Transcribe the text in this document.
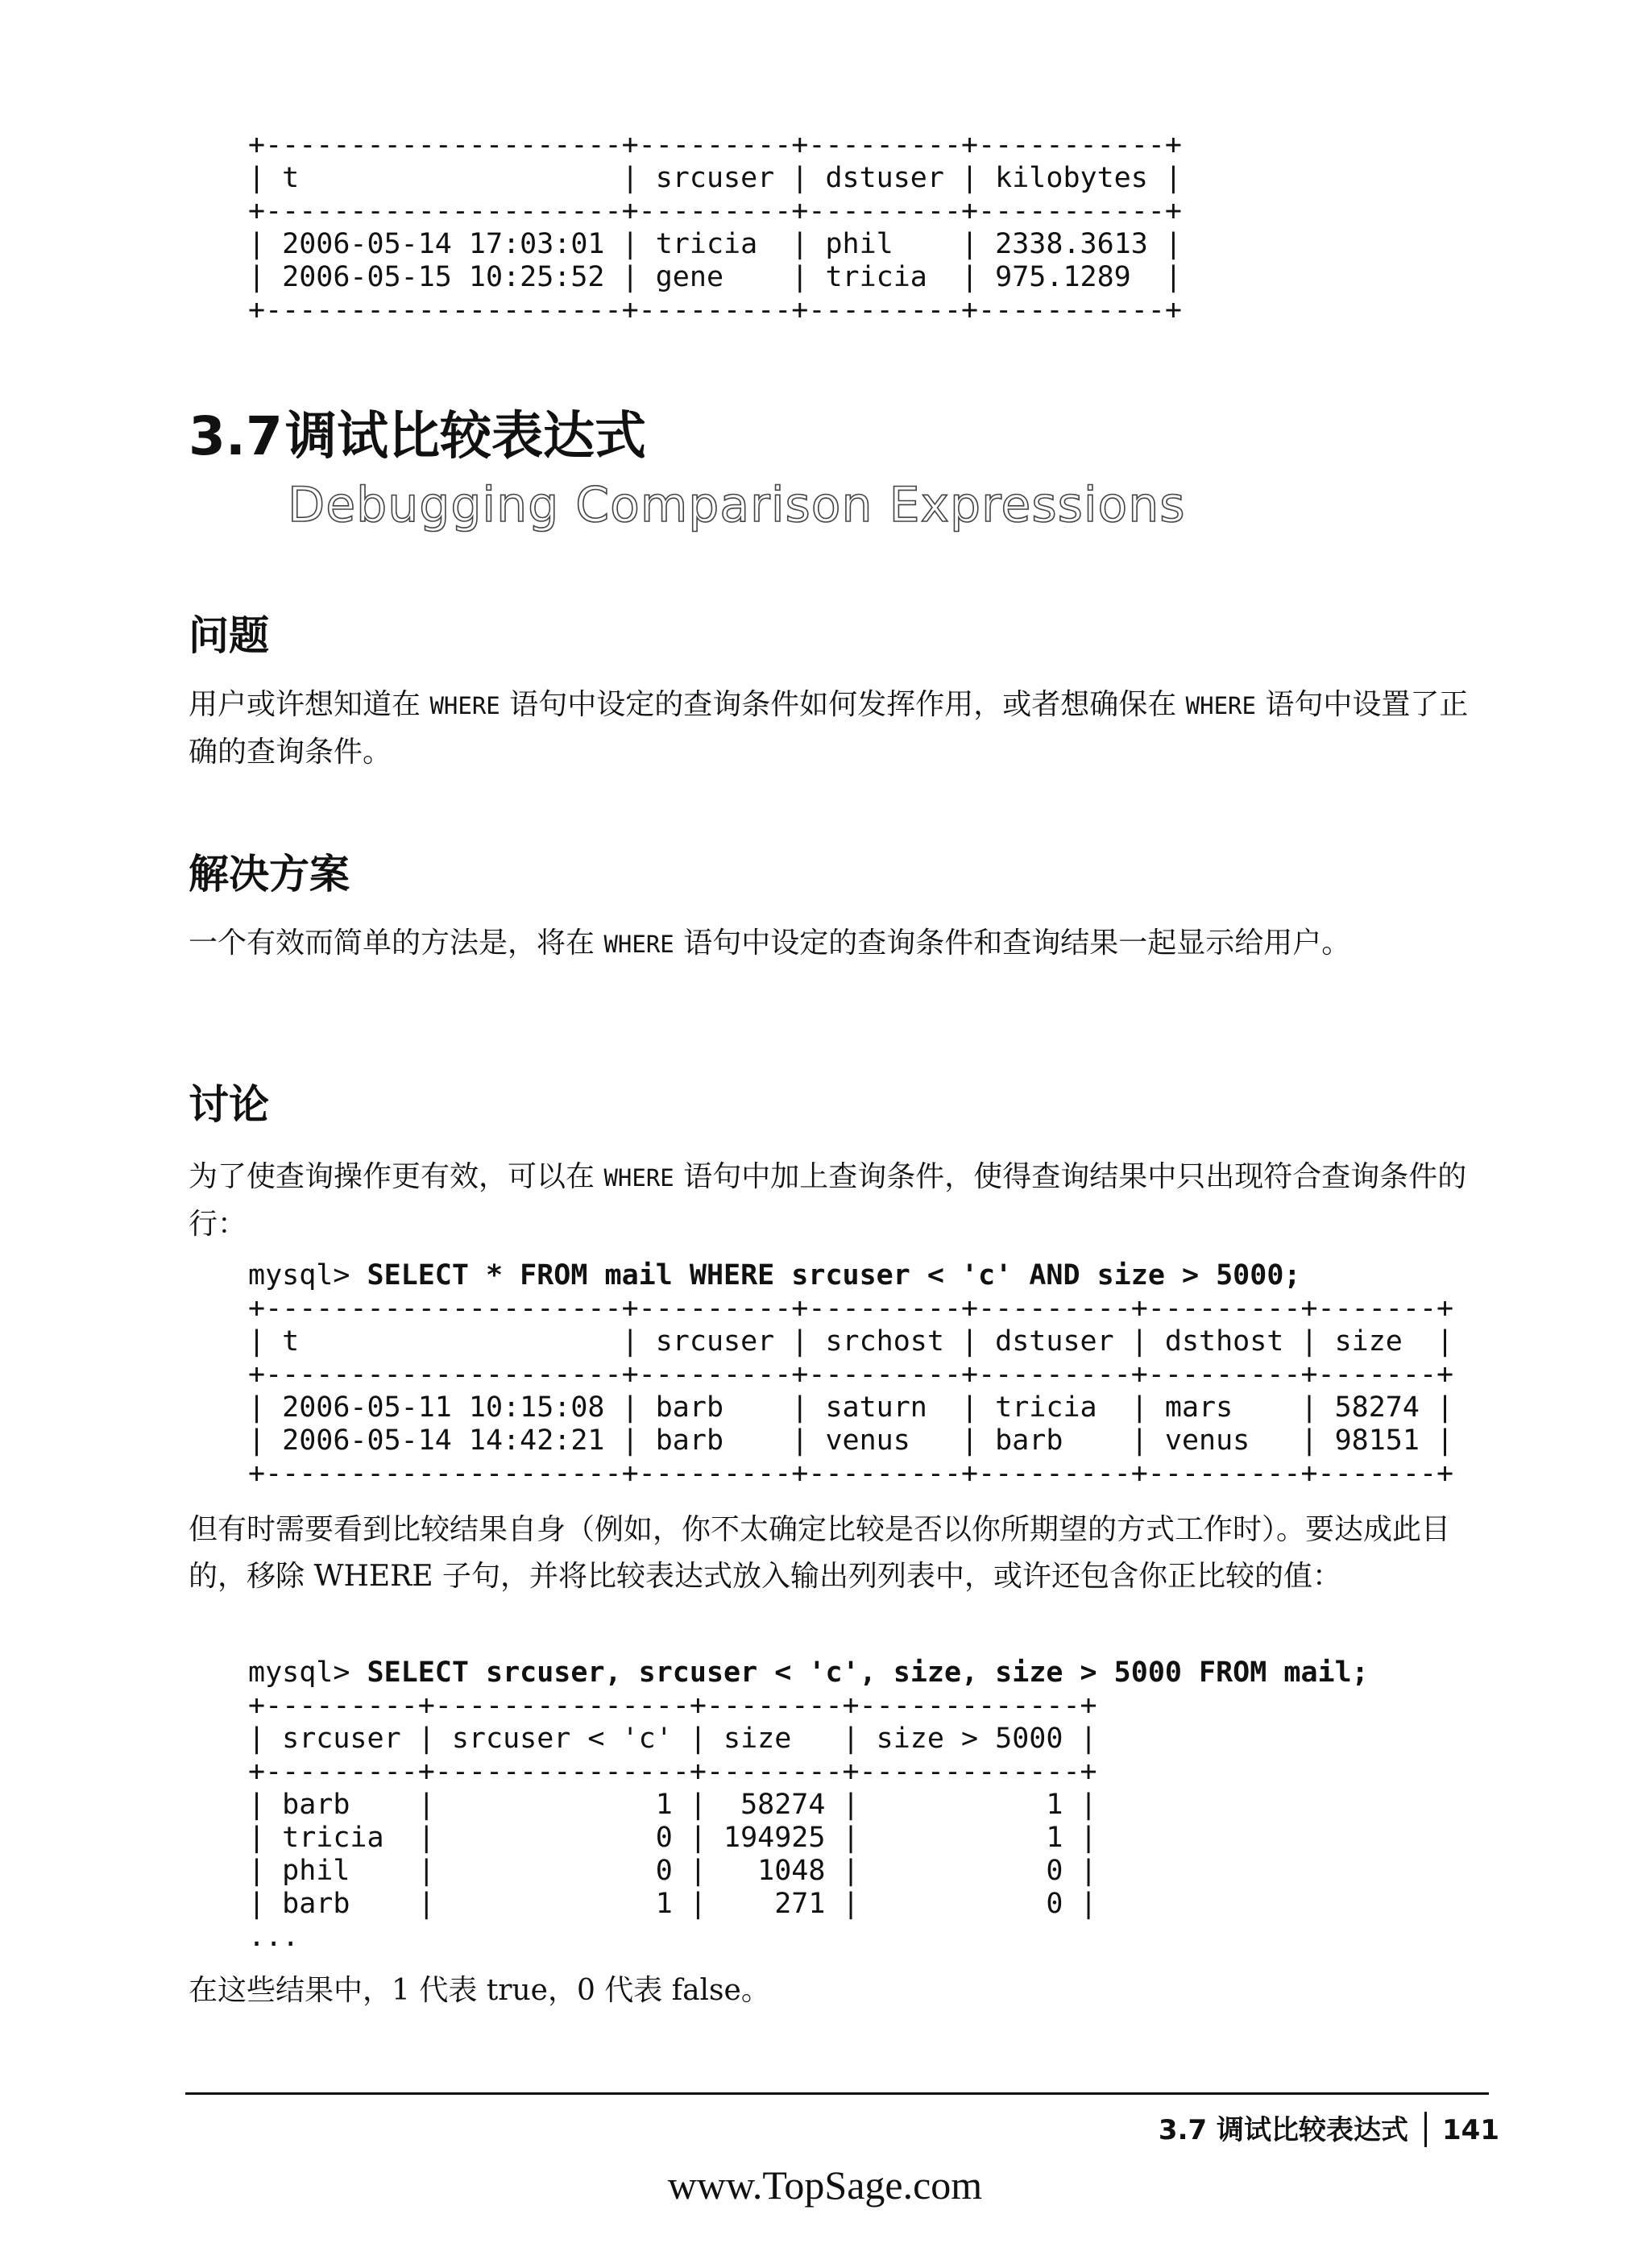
+---------------------+---------+---------+-----------+
| t                   | srcuser | dstuser | kilobytes |
+---------------------+---------+---------+-----------+
| 2006-05-14 17:03:01 | tricia  | phil    | 2338.3613 |
| 2006-05-15 10:25:52 | gene    | tricia  | 975.1289  |
+---------------------+---------+---------+-----------+
3.7 调试比较表达式
Debugging Comparison Expressions
问题
用户或许想知道在 WHERE 语句中设定的查询条件如何发挥作用，或者想确保在 WHERE 语句中设置了正确的查询条件。
解决方案
一个有效而简单的方法是，将在 WHERE 语句中设定的查询条件和查询结果一起显示给用户。
讨论
为了使查询操作更有效，可以在 WHERE 语句中加上查询条件，使得查询结果中只出现符合查询条件的行：
mysql> SELECT * FROM mail WHERE srcuser < 'c' AND size > 5000;
+---------------------+---------+---------+---------+---------+-------+
| t                   | srcuser | srchost | dstuser | dsthost | size  |
+---------------------+---------+---------+---------+---------+-------+
| 2006-05-11 10:15:08 | barb    | saturn  | tricia  | mars    | 58274 |
| 2006-05-14 14:42:21 | barb    | venus   | barb    | venus   | 98151 |
+---------------------+---------+---------+---------+---------+-------+
但有时需要看到比较结果自身（例如，你不太确定比较是否以你所期望的方式工作时）。要达成此目的，移除 WHERE 子句，并将比较表达式放入输出列列表中，或许还包含你正比较的值：
mysql> SELECT srcuser, srcuser < 'c', size, size > 5000 FROM mail;
+---------+---------------+--------+-------------+
| srcuser | srcuser < 'c' | size   | size > 5000 |
+---------+---------------+--------+-------------+
| barb    |             1 |  58274 |           1 |
| tricia  |             0 | 194925 |           1 |
| phil    |             0 |   1048 |           0 |
| barb    |             1 |    271 |           0 |
...
在这些结果中，1 代表 true，0 代表 false。
3.7 调试比较表达式 141
www.TopSage.com
